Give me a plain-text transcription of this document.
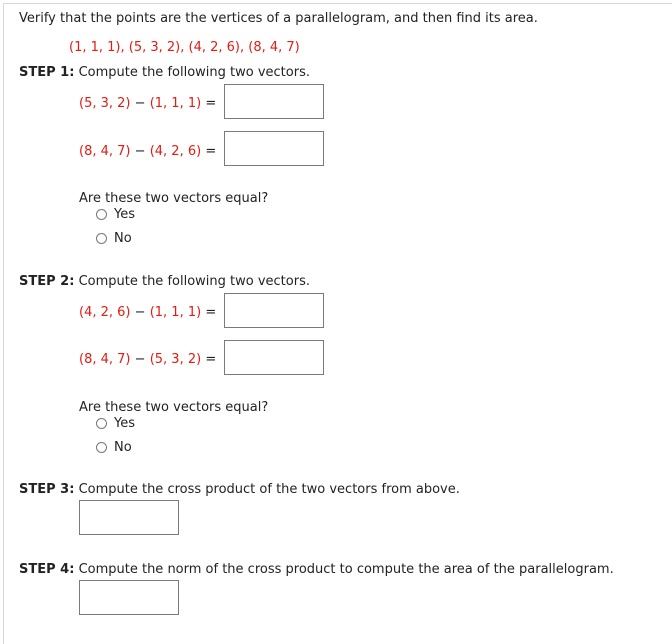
Verify that the points are the vertices of a parallelogram, and then find its area.
(1, 1, 1), (5, 3, 2), (4, 2, 6), (8, 4, 7)
STEP 1: Compute the following two vectors.
(5, 3, 2) − (1, 1, 1) =
(8, 4, 7) − (4, 2, 6) =
Are these two vectors equal?
Yes
No
STEP 2: Compute the following two vectors.
(4, 2, 6) − (1, 1, 1) =
(8, 4, 7) − (5, 3, 2) =
Are these two vectors equal?
Yes
No
STEP 3: Compute the cross product of the two vectors from above.
STEP 4: Compute the norm of the cross product to compute the area of the parallelogram.
